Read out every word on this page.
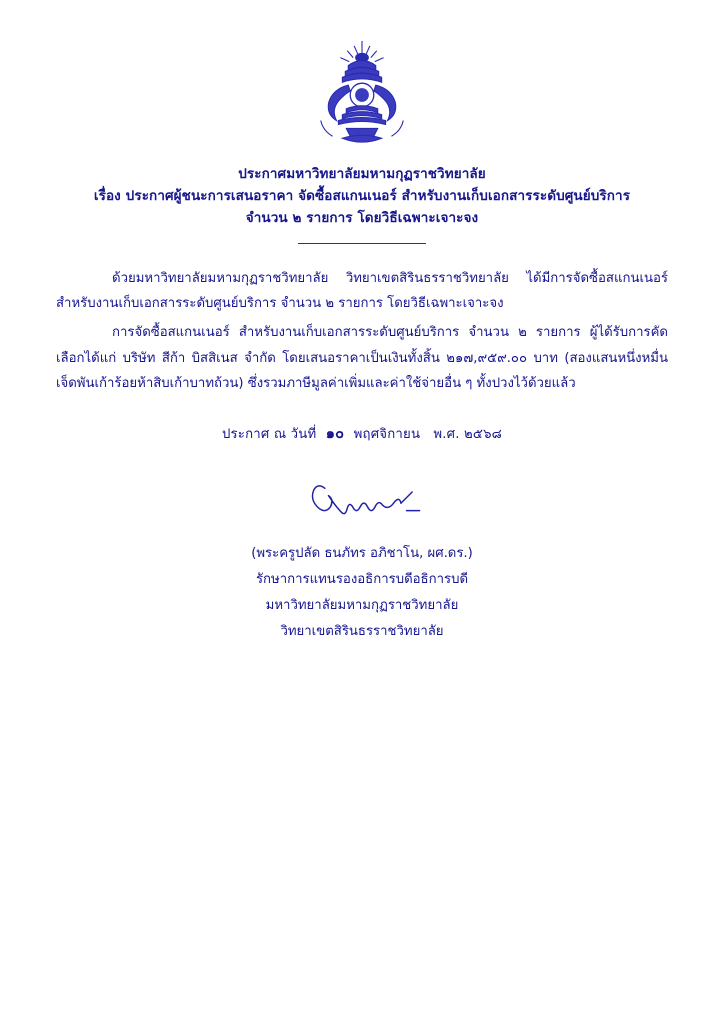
ประกาศมหาวิทยาลัยมหามกุฏราชวิทยาลัย
เรื่อง ประกาศผู้ชนะการเสนอราคา จัดซื้อสแกนเนอร์ สำหรับงานเก็บเอกสารระดับศูนย์บริการ
จำนวน ๒ รายการ โดยวิธีเฉพาะเจาะจง

ด้วยมหาวิทยาลัยมหามกุฏราชวิทยาลัย วิทยาเขตสิรินธรราชวิทยาลัย ได้มีการจัดซื้อสแกนเนอร์ สำหรับงานเก็บเอกสารระดับศูนย์บริการ จำนวน ๒ รายการ โดยวิธีเฉพาะเจาะจง

การจัดซื้อสแกนเนอร์ สำหรับงานเก็บเอกสารระดับศูนย์บริการ จำนวน ๒ รายการ ผู้ได้รับการคัดเลือกได้แก่ บริษัท สีก้า บิสสิเนส จำกัด โดยเสนอราคาเป็นเงินทั้งสิ้น ๒๑๗,๙๕๙.๐๐ บาท (สองแสนหนึ่งหมื่นเจ็ดพันเก้าร้อยห้าสิบเก้าบาทถ้วน) ซึ่งรวมภาษีมูลค่าเพิ่มและค่าใช้จ่ายอื่น ๆ ทั้งปวงไว้ด้วยแล้ว

ประกาศ ณ วันที่ ๑๐ พฤศจิกายน พ.ศ. ๒๕๖๘
(พระครูปลัด ธนภัทร อภิชาโน, ผศ.ดร.)
รักษาการแทนรองอธิการบดีอธิการบดี
มหาวิทยาลัยมหามกุฏราชวิทยาลัย
วิทยาเขตสิรินธรราชวิทยาลัย
